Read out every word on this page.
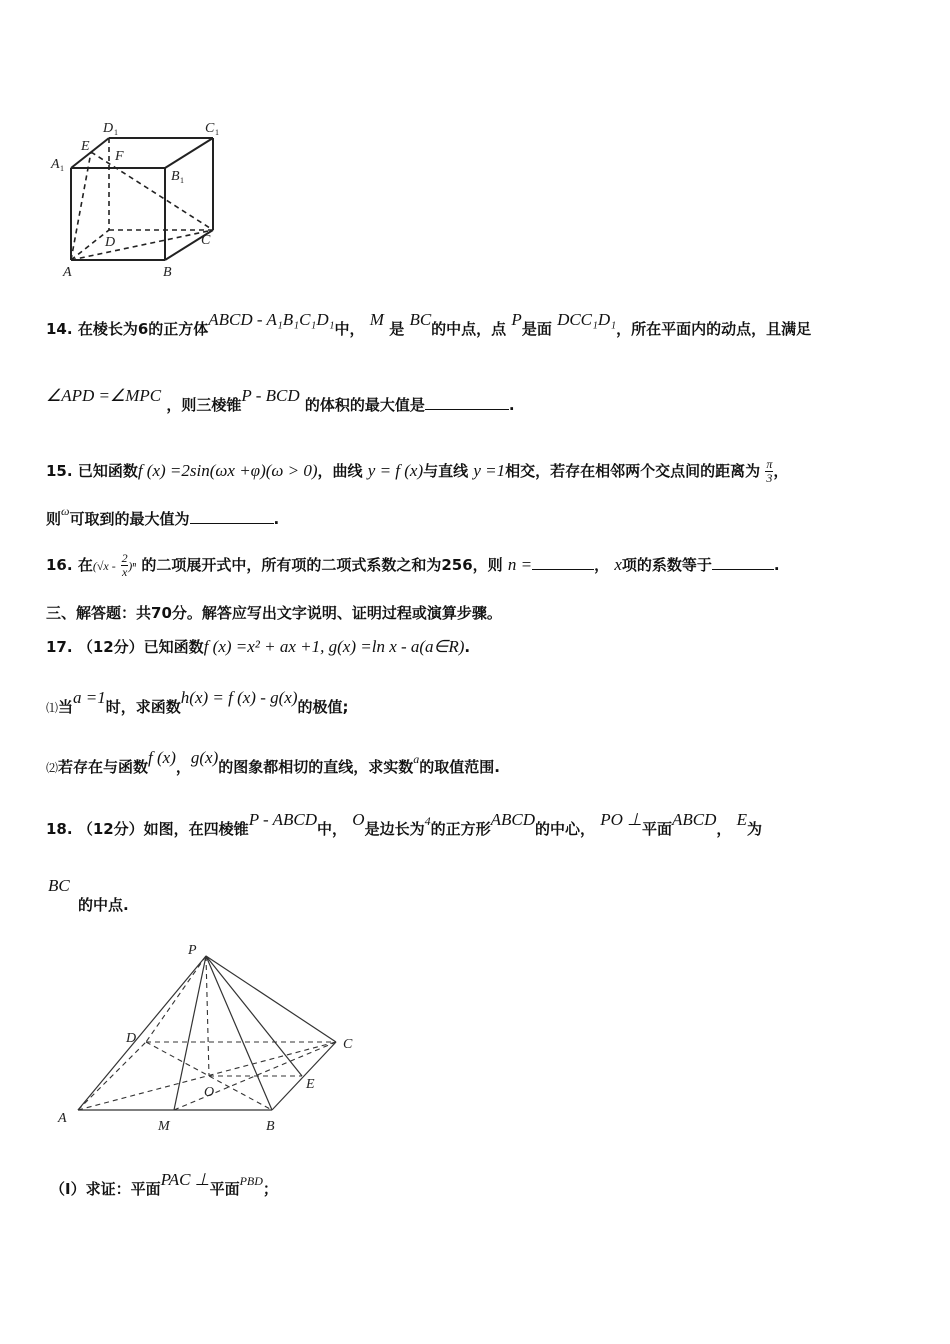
D 1	C 1
A 1
E
F
B 1
D	C
A	B
14. 在棱长为6的正方体ABCD - A₁B₁C₁D₁中， M 是 BC的中点，点 P是面 DCC₁D₁，所在平面内的动点，且满足
∠APD =∠MPC ，则三棱锥P - BCD 的体积的最大值是	.
15. 已知函数f (x) =2sin(ωx +φ)(ω > 0)，曲线 y = f (x)与直线 y =1相交，若存在相邻两个交点间的距离为 $\frac{\pi}{3}$ ，
则$^\omega$可取到的最大值为	.
16. 在$(√x - \frac{2}{x} )^n$ 的二项展开式中，所有项的二项式系数之和为256，则 n =	， x项的系数等于	.
三、解答题：共70分。解答应写出文字说明、证明过程或演算步骤。
17. （12分）已知函数f (x) =x² + ax +1, g(x) =ln x - a(a∈R).
⑴当a =1时，求函数h(x) = f (x) - g(x)的极值;
⑵若存在与函数f (x)，g(x)的图象都相切的直线，求实数$^a$的取值范围.
18. （12分）如图，在四棱锥P - ABCD中， O是边长为$^4$的正方形ABCD的中心， PO ⊥平面ABCD， E为
BC
的中点.
P
D	C
O
E
A
M	B
（I）求证：平面PAC ⊥平面$^{PBD}$；
